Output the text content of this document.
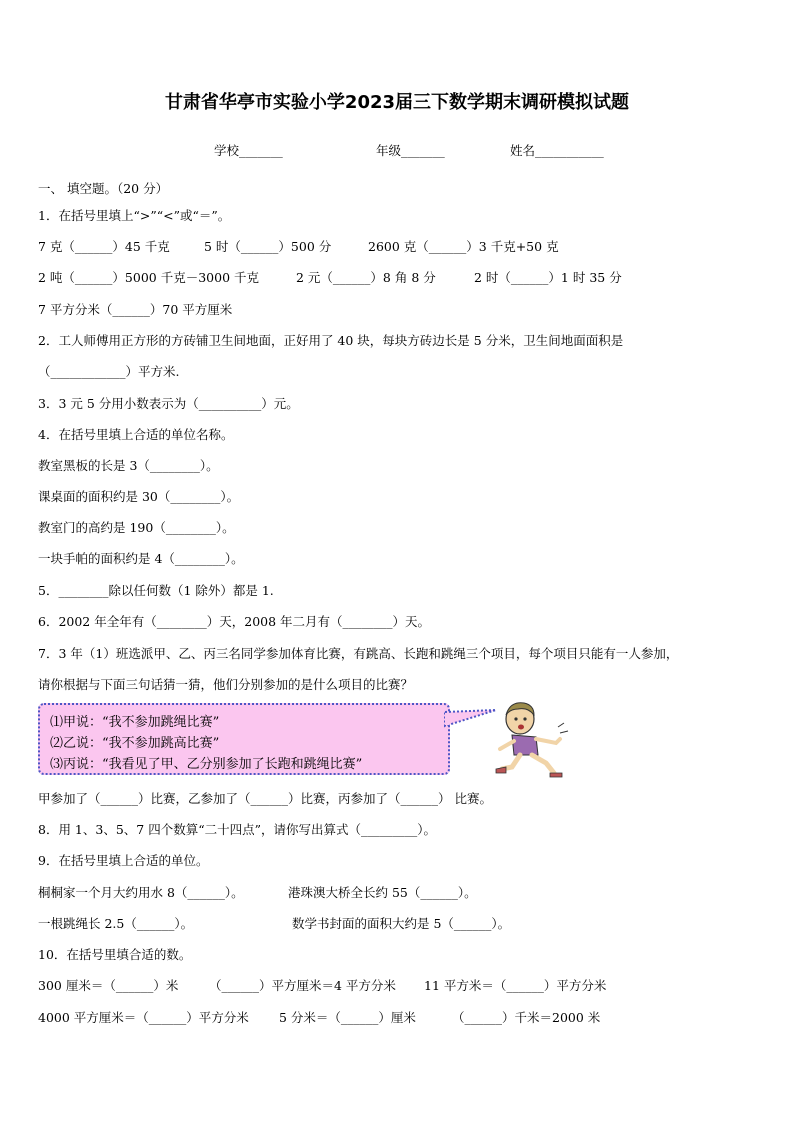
甘肃省华亭市实验小学2023届三下数学期末调研模拟试题
学校_______	年级_______	姓名___________
一、 填空题。（20 分）
1．在括号里填上“>”“<”或“＝”。
7 克（______）45 千克	5 时（______）500 分	2600 克（______）3 千克+50 克
2 吨（______）5000 千克－3000 千克	2 元（______）8 角 8 分	2 时（______）1 时 35 分
7 平方分米（______）70 平方厘米
2．工人师傅用正方形的方砖铺卫生间地面，正好用了 40 块，每块方砖边长是 5 分米，卫生间地面面积是
（____________）平方米.
3．3 元 5 分用小数表示为（__________）元。
4．在括号里填上合适的单位名称。
教室黑板的长是 3（________）。
课桌面的面积约是 30（________）。
教室门的高约是 190（________）。
一块手帕的面积约是 4（________）。
5．________除以任何数（1 除外）都是 1.
6．2002 年全年有（________）天，2008 年二月有（________）天。
7．3 年（1）班选派甲、乙、丙三名同学参加体育比赛，有跳高、长跑和跳绳三个项目，每个项目只能有一人参加，
请你根据与下面三句话猜一猜，他们分别参加的是什么项目的比赛？
⑴甲说：“我不参加跳绳比赛”
⑵乙说：“我不参加跳高比赛”
⑶丙说：“我看见了甲、乙分别参加了长跑和跳绳比赛”
甲参加了（______）比赛，乙参加了（______）比赛，丙参加了（______） 比赛。
8．用 1、3、5、7 四个数算“二十四点”，请你写出算式（_________）。
9．在括号里填上合适的单位。
桐桐家一个月大约用水 8（______）。	港珠澳大桥全长约 55（______）。
一根跳绳长 2.5（______）。	数学书封面的面积大约是 5（______）。
10．在括号里填合适的数。
300 厘米＝（______）米 （______）平方厘米＝4 平方分米 11 平方米＝（______）平方分米
4000 平方厘米＝（______）平方分米 5 分米＝（______）厘米	（______）千米＝2000 米
